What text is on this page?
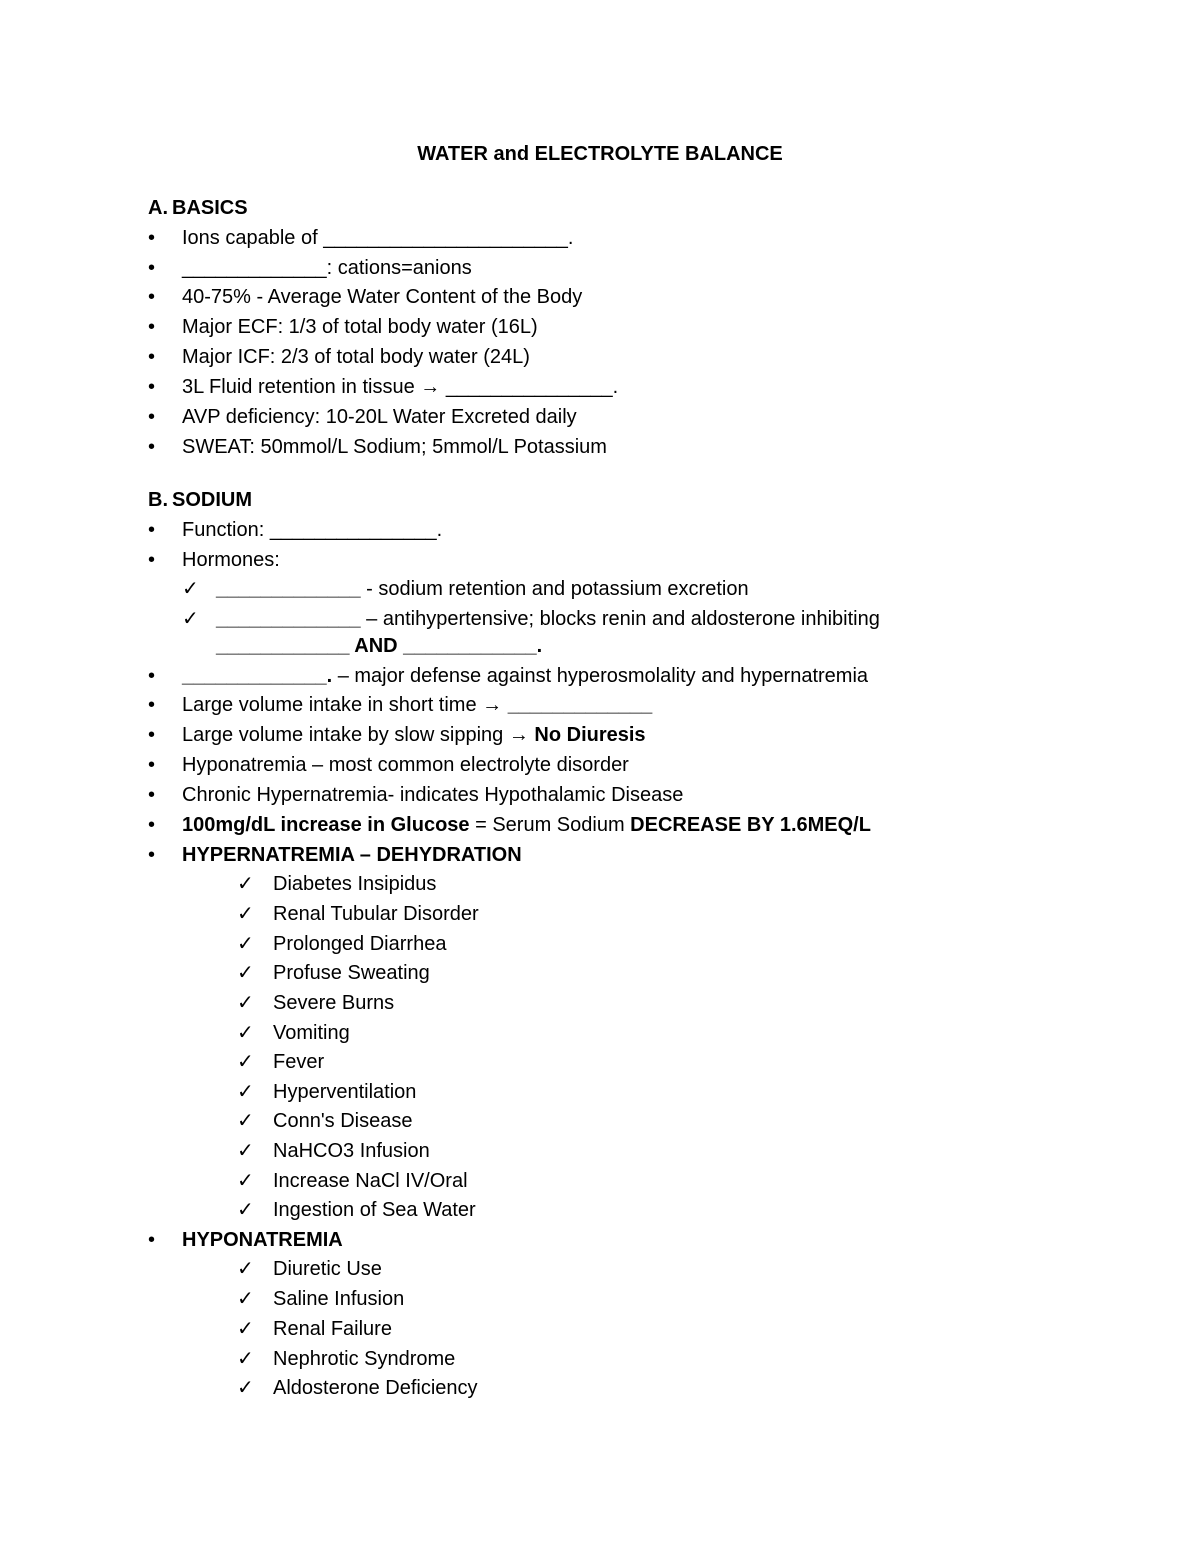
WATER and ELECTROLYTE BALANCE
A. BASICS
• Ions capable of ______________________.
• _____________: cations=anions
• 40-75% - Average Water Content of the Body
• Major ECF: 1/3 of total body water (16L)
• Major ICF: 2/3 of total body water (24L)
• 3L Fluid retention in tissue → _______________.
• AVP deficiency: 10-20L Water Excreted daily
• SWEAT: 50mmol/L Sodium; 5mmol/L Potassium
B. SODIUM
• Function: _______________.
• Hormones:
✓ _____________ - sodium retention and potassium excretion
✓ _____________ – antihypertensive; blocks renin and aldosterone inhibiting
____________ AND ____________.
• _____________. – major defense against hyperosmolality and hypernatremia
• Large volume intake in short time → _____________
• Large volume intake by slow sipping → No Diuresis
• Hyponatremia – most common electrolyte disorder
• Chronic Hypernatremia- indicates Hypothalamic Disease
• 100mg/dL increase in Glucose = Serum Sodium DECREASE BY 1.6MEQ/L
• HYPERNATREMIA – DEHYDRATION
✓ Diabetes Insipidus
✓ Renal Tubular Disorder
✓ Prolonged Diarrhea
✓ Profuse Sweating
✓ Severe Burns
✓ Vomiting
✓ Fever
✓ Hyperventilation
✓ Conn's Disease
✓ NaHCO3 Infusion
✓ Increase NaCl IV/Oral
✓ Ingestion of Sea Water
• HYPONATREMIA
✓ Diuretic Use
✓ Saline Infusion
✓ Renal Failure
✓ Nephrotic Syndrome
✓ Aldosterone Deficiency
